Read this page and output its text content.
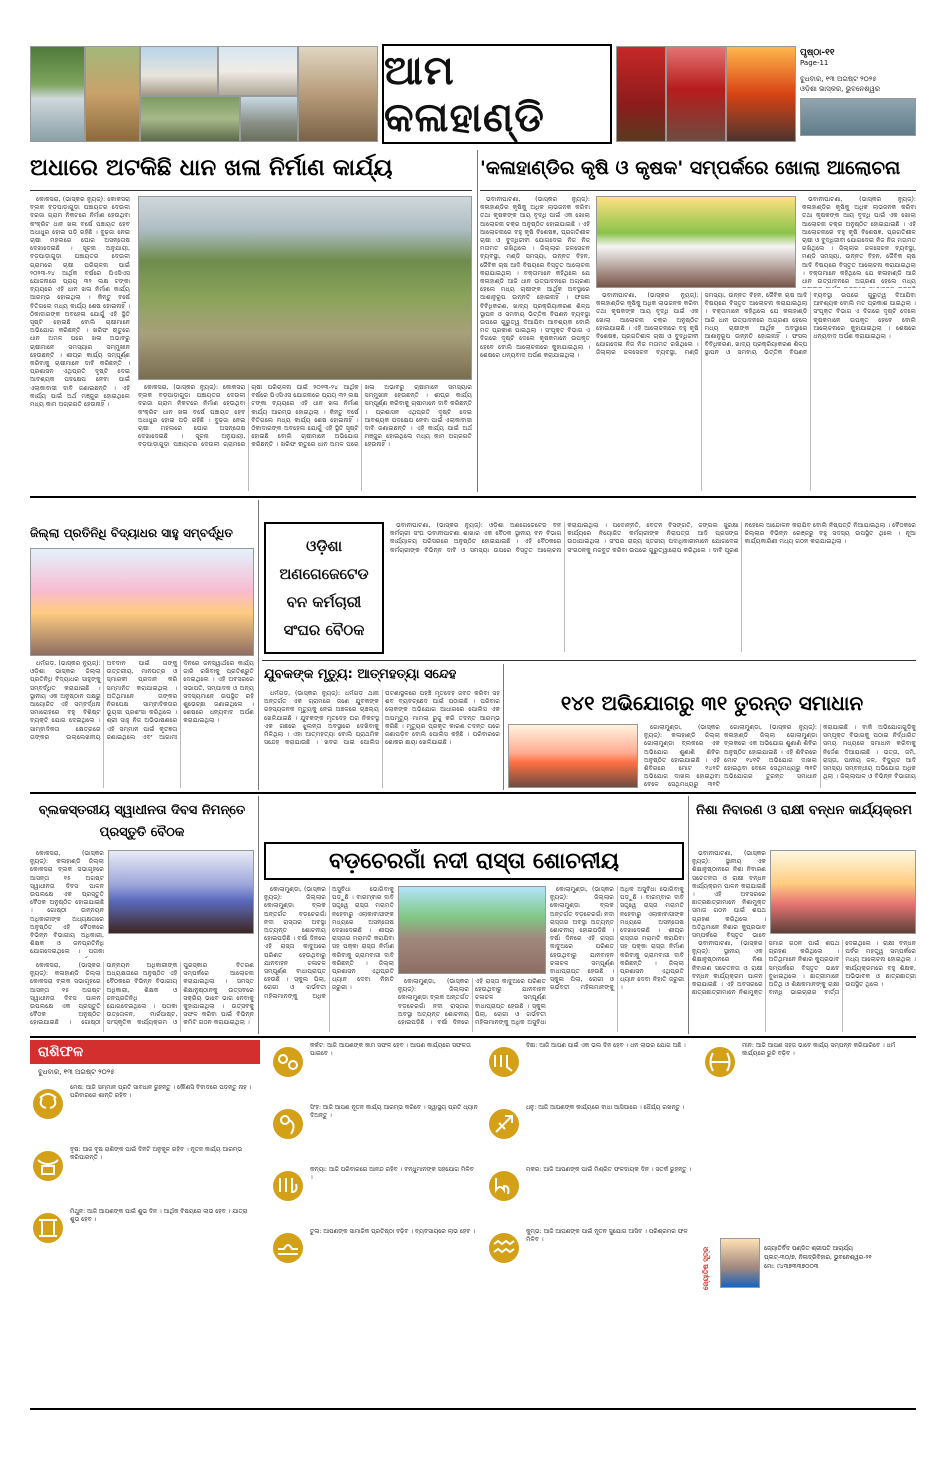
ଆମ କଳାହାଣ୍ଡି
ପୃଷ୍ଠା-୧୧
Page-11
ବୁଧବାର, ୧୩ ଅଗଷ୍ଟ ୨୦୨୫
ଓଡ଼ିଶା ଭାସ୍କର, ଭୁବନେଶ୍ୱର
ଅଧାରେ ଅଟକିଛି ଧାନ ଖଳା ନିର୍ମାଣ କାର୍ଯ୍ୟ

କୋକସରା, (ଭାସ୍କର ନ୍ୟୁଜ୍): କୋକସରା ବ୍ଲକ ବଡ଼ପାଡ଼ାଗୁଡ଼ା ପଞ୍ଚାୟତର ଦେଉଳୀ ଦରଜା ଗ୍ରାମ ନିକଟରେ ନିର୍ମାଣ ହେଉଥିବା କଂକ୍ରିଟ ଧାନ ଖଳା ବର୍ଷେ ପଞ୍ଚାୟତ ହେବ ଅଧାଧୁର ହୋଇ ପଡ଼ି ରହିଛି । ବୁଢ଼ଜା ନେଇ ଚାଷୀ ମହଲରେ ଘୋର ଅସନ୍ତୋଷ ଦେଖାଦେଇଛି । ସୂଚନା ଅନୁଯାୟୀ, ବଡ଼ପାଡ଼ାଗୁଡ଼ା ପଞ୍ଚାୟତର ଦେଉଳୀ ଗ୍ରାମରେ ଚାଷୀ ପରିଚାଳନା ପାଇଁ ୨୦୨୩-୨୪ ଆର୍ଥିକ ବର୍ଷରେ ପିଏସିଏସ ଯୋଜନାରେ ପ୍ରାୟ ୩୨ ଲକ୍ଷ ଟଙ୍କା ବ୍ୟୟରେ ଏହି ଧାନ ଖଳା ନିର୍ମାଣ କାର୍ଯ୍ୟ ଆରମ୍ଭ ହୋଇଥିଲା । କିନ୍ତୁ ବର୍ଷେ ବିତିଗଲେ ମଧ୍ୟ କାର୍ଯ୍ୟ ଶେଷ ହୋଇନାହିଁ । ଠିକାଦାରଙ୍କ ଅବହେଳା ଯୋଗୁଁ ଏହି ସ୍ଥିତି ସୃଷ୍ଟି ହୋଇଛି ବୋଲି ଚାଷୀମାନେ ଅଭିଯୋଗ କରିଛନ୍ତି । ଖରିଫ ଋତୁରେ ଧାନ ଅମଳ ପରେ ଖଳା ଅଭାବରୁ ଚାଷୀମାନେ ସମସ୍ୟାର ସମ୍ମୁଖୀନ ହେଉଛନ୍ତି । ଶୀଘ୍ର କାର୍ଯ୍ୟ ସମ୍ପୂର୍ଣ୍ଣ କରିବାକୁ ଚାଷୀମାନେ ଦାବି କରିଛନ୍ତି । ପ୍ରଶାସନ ଏଥିପ୍ରତି ଦୃଷ୍ଟି ଦେଇ ଆବଶ୍ୟକ ପଦକ୍ଷେପ ନେବା ପାଇଁ ଏଲାକାବାସୀ ଦାବି ଜଣାଇଛନ୍ତି । ଏହି କାର୍ଯ୍ୟ ପାଇଁ ଅର୍ଥ ମଞ୍ଜୁର ହୋଇଥିଲେ ମଧ୍ୟ କାମ ଅଗ୍ରଗତି ହେଉନାହିଁ ।

କୋକସରା, (ଭାସ୍କର ନ୍ୟୁଜ୍): କୋକସରା ବ୍ଲକ ବଡ଼ପାଡ଼ାଗୁଡ଼ା ପଞ୍ଚାୟତର ଦେଉଳୀ ଦରଜା ଗ୍ରାମ ନିକଟରେ ନିର୍ମାଣ ହେଉଥିବା କଂକ୍ରିଟ ଧାନ ଖଳା ବର୍ଷେ ପଞ୍ଚାୟତ ହେବ ଅଧାଧୁର ହୋଇ ପଡ଼ି ରହିଛି । ବୁଢ଼ଜା ନେଇ ଚାଷୀ ମହଲରେ ଘୋର ଅସନ୍ତୋଷ ଦେଖାଦେଇଛି । ସୂଚନା ଅନୁଯାୟୀ, ବଡ଼ପାଡ଼ାଗୁଡ଼ା ପଞ୍ଚାୟତର ଦେଉଳୀ ଗ୍ରାମରେ ଚାଷୀ ପରିଚାଳନା ପାଇଁ ୨୦୨୩-୨୪ ଆର୍ଥିକ ବର୍ଷରେ ପିଏସିଏସ ଯୋଜନାରେ ପ୍ରାୟ ୩୨ ଲକ୍ଷ ଟଙ୍କା ବ୍ୟୟରେ ଏହି ଧାନ ଖଳା ନିର୍ମାଣ କାର୍ଯ୍ୟ ଆରମ୍ଭ ହୋଇଥିଲା । କିନ୍ତୁ ବର୍ଷେ ବିତିଗଲେ ମଧ୍ୟ କାର୍ଯ୍ୟ ଶେଷ ହୋଇନାହିଁ । ଠିକାଦାରଙ୍କ ଅବହେଳା ଯୋଗୁଁ ଏହି ସ୍ଥିତି ସୃଷ୍ଟି ହୋଇଛି ବୋଲି ଚାଷୀମାନେ ଅଭିଯୋଗ କରିଛନ୍ତି । ଖରିଫ ଋତୁରେ ଧାନ ଅମଳ ପରେ ଖଳା ଅଭାବରୁ ଚାଷୀମାନେ ସମସ୍ୟାର ସମ୍ମୁଖୀନ ହେଉଛନ୍ତି । ଶୀଘ୍ର କାର୍ଯ୍ୟ ସମ୍ପୂର୍ଣ୍ଣ କରିବାକୁ ଚାଷୀମାନେ ଦାବି କରିଛନ୍ତି । ପ୍ରଶାସନ ଏଥିପ୍ରତି ଦୃଷ୍ଟି ଦେଇ ଆବଶ୍ୟକ ପଦକ୍ଷେପ ନେବା ପାଇଁ ଏଲାକାବାସୀ ଦାବି ଜଣାଇଛନ୍ତି । ଏହି କାର୍ଯ୍ୟ ପାଇଁ ଅର୍ଥ ମଞ୍ଜୁର ହୋଇଥିଲେ ମଧ୍ୟ କାମ ଅଗ୍ରଗତି ହେଉନାହିଁ ।

'କଳାହାଣ୍ଡିର କୃଷି ଓ କୃଷକ' ସମ୍ପର୍କରେ ଖୋଲା ଆଲୋଚନା

ଭବାନୀପାଟଣା, (ଭାସ୍କର ନ୍ୟୁଜ୍): କଳାହାଣ୍ଡିର କୃଷିକୁ ଅଧିକ ଲାଭଜନକ କରିବା ତଥା କୃଷକଙ୍କ ଆୟ ବୃଦ୍ଧି ପାଇଁ ଏକ ଖୋଲା ଆଲୋଚନା ଚକ୍ର ଅନୁଷ୍ଠିତ ହୋଇଯାଇଛି । ଏହି ଆଲୋଚନାରେ ବହୁ କୃଷି ବିଶେଷଜ୍ଞ, ପ୍ରଗତିଶୀଳ ଚାଷୀ ଓ ବୁଦ୍ଧିଜୀବୀ ଯୋଗଦେଇ ନିଜ ନିଜ ମତାମତ ରଖିଥିଲେ । ଜିଲ୍ଲାର ଜଳସେଚନ ବ୍ୟବସ୍ଥା, ମଣ୍ଡି ସମସ୍ୟା, ଉନ୍ନତ ବିହନ, ଜୈବିକ ଚାଷ ଆଦି ବିଷୟରେ ବିସ୍ତୃତ ଆଲୋଚନା କରାଯାଇଥିଲା । ବକ୍ତାମାନେ କହିଥିଲେ ଯେ କଳାହାଣ୍ଡି ଆଜି ଧାନ ଉତ୍ପାଦନରେ ଅଗ୍ରଣୀ ହେଲେ ମଧ୍ୟ ଚାଷୀଙ୍କ ଆର୍ଥିକ ଅବସ୍ଥାରେ ଆଶାନୁରୂପ ଉନ୍ନତି ହୋଇନାହିଁ । ଫସଲ ବିବିଧିକରଣ, ଖାଦ୍ୟ ପ୍ରକ୍ରିୟାକରଣ ଶିଳ୍ପ ସ୍ଥାପନ ଓ ସମବାୟ ଭିତ୍ତିକ ବିପଣନ ବ୍ୟବସ୍ଥା ଉପରେ ଗୁରୁତ୍ୱ ଦିଆଯିବା ଆବଶ୍ୟକ ବୋଲି ମତ ପ୍ରକାଶ ପାଇଥିଲା । ସଂପୃକ୍ତ ବିଭାଗ ଏ ଦିଗରେ ଦୃଷ୍ଟି ଦେଲେ କୃଷକମାନେ ଉପକୃତ ହେବେ ବୋଲି ଆଲୋଚନାରେ କୁହାଯାଇଥିଲା । ଶେଷରେ ଧନ୍ୟବାଦ ଅର୍ପଣ କରାଯାଇଥିଲା ।

ଭବାନୀପାଟଣା, (ଭାସ୍କର ନ୍ୟୁଜ୍): କଳାହାଣ୍ଡିର କୃଷିକୁ ଅଧିକ ଲାଭଜନକ କରିବା ତଥା କୃଷକଙ୍କ ଆୟ ବୃଦ୍ଧି ପାଇଁ ଏକ ଖୋଲା ଆଲୋଚନା ଚକ୍ର ଅନୁଷ୍ଠିତ ହୋଇଯାଇଛି । ଏହି ଆଲୋଚନାରେ ବହୁ କୃଷି ବିଶେଷଜ୍ଞ, ପ୍ରଗତିଶୀଳ ଚାଷୀ ଓ ବୁଦ୍ଧିଜୀବୀ ଯୋଗଦେଇ ନିଜ ନିଜ ମତାମତ ରଖିଥିଲେ । ଜିଲ୍ଲାର ଜଳସେଚନ ବ୍ୟବସ୍ଥା, ମଣ୍ଡି ସମସ୍ୟା, ଉନ୍ନତ ବିହନ, ଜୈବିକ ଚାଷ ଆଦି ବିଷୟରେ ବିସ୍ତୃତ ଆଲୋଚନା କରାଯାଇଥିଲା । ବକ୍ତାମାନେ କହିଥିଲେ ଯେ କଳାହାଣ୍ଡି ଆଜି ଧାନ ଉତ୍ପାଦନରେ ଅଗ୍ରଣୀ ହେଲେ ମଧ୍ୟ

ଭବାନୀପାଟଣା, (ଭାସ୍କର ନ୍ୟୁଜ୍): କଳାହାଣ୍ଡିର କୃଷିକୁ ଅଧିକ ଲାଭଜନକ କରିବା ତଥା କୃଷକଙ୍କ ଆୟ ବୃଦ୍ଧି ପାଇଁ ଏକ ଖୋଲା ଆଲୋଚନା ଚକ୍ର ଅନୁଷ୍ଠିତ ହୋଇଯାଇଛି । ଏହି ଆଲୋଚନାରେ ବହୁ କୃଷି ବିଶେଷଜ୍ଞ, ପ୍ରଗତିଶୀଳ ଚାଷୀ ଓ ବୁଦ୍ଧିଜୀବୀ ଯୋଗଦେଇ ନିଜ ନିଜ ମତାମତ ରଖିଥିଲେ । ଜିଲ୍ଲାର ଜଳସେଚନ ବ୍ୟବସ୍ଥା, ମଣ୍ଡି ସମସ୍ୟା, ଉନ୍ନତ ବିହନ, ଜୈବିକ ଚାଷ ଆଦି ବିଷୟରେ ବିସ୍ତୃତ ଆଲୋଚନା କରାଯାଇଥିଲା । ବକ୍ତାମାନେ କହିଥିଲେ ଯେ କଳାହାଣ୍ଡି ଆଜି ଧାନ ଉତ୍ପାଦନରେ ଅଗ୍ରଣୀ ହେଲେ ମଧ୍ୟ ଚାଷୀଙ୍କ ଆର୍ଥିକ ଅବସ୍ଥାରେ ଆଶାନୁରୂପ ଉନ୍ନତି ହୋଇନାହିଁ । ଫସଲ ବିବିଧିକରଣ, ଖାଦ୍ୟ ପ୍ରକ୍ରିୟାକରଣ ଶିଳ୍ପ ସ୍ଥାପନ ଓ ସମବାୟ ଭିତ୍ତିକ ବିପଣନ ବ୍ୟବସ୍ଥା ଉପରେ ଗୁରୁତ୍ୱ ଦିଆଯିବା ଆବଶ୍ୟକ ବୋଲି ମତ ପ୍ରକାଶ ପାଇଥିଲା । ସଂପୃକ୍ତ ବିଭାଗ ଏ ଦିଗରେ ଦୃଷ୍ଟି ଦେଲେ କୃଷକମାନେ ଉପକୃତ ହେବେ ବୋଲି ଆଲୋଚନାରେ କୁହାଯାଇଥିଲା । ଶେଷରେ ଧନ୍ୟବାଦ ଅର୍ପଣ କରାଯାଇଥିଲା ।

ଜିଲ୍ଲା ପ୍ରତିନିଧି ବିଦ୍ୟାଧର ସାହୁ ସମ୍ବର୍ଦ୍ଧିତ

ଧର୍ମଗଡ଼, (ଭାସ୍କର ନ୍ୟୁଜ୍): ଓଡ଼ିଶା ଭାସ୍କର ଜିଲ୍ଲା ପ୍ରତିନିଧି ବିଦ୍ୟାଧର ସାହୁଙ୍କୁ ସମ୍ବର୍ଦ୍ଧିତ କରାଯାଇଛି । ସ୍ଥାନୀୟ ଏକ ଅନୁଷ୍ଠାନ ପକ୍ଷରୁ ଆୟୋଜିତ ଏହି ସମ୍ବର୍ଦ୍ଧନା ସମାରୋହରେ ବହୁ ବିଶିଷ୍ଟ ବ୍ୟକ୍ତି ଯୋଗ ଦେଇଥିଲେ । ସାମ୍ବାଦିକତା କ୍ଷେତ୍ରରେ ତାଙ୍କର ଉଲ୍ଲେଖନୀୟ ଅବଦାନ ପାଇଁ ତାଙ୍କୁ ଉତ୍ତରୀୟ, ମାନପତ୍ର ଓ ସ୍ମାରକୀ ପ୍ରଦାନ କରି ସମ୍ମାନିତ କରାଯାଇଥିଲା । ଅତିଥିମାନେ ତାଙ୍କର ନିରପେକ୍ଷ ସାମ୍ବାଦିକତାର ଭୂୟସୀ ପ୍ରଶଂସା କରିଥିଲେ । ଶ୍ରୀ ସାହୁ ନିଜ ଅଭିଭାଷଣରେ ଏହି ସମ୍ମାନ ପାଇଁ କୃତଜ୍ଞତା ଜଣାଇଥିଲେ ଏବଂ ଆଗାମୀ ଦିନରେ ଜନସ୍ୱାର୍ଥରେ କାର୍ଯ୍ୟ ଜାରି ରଖିବାକୁ ପ୍ରତିଶ୍ରୁତି ଦେଇଥିଲେ । ଏହି ଅବସରରେ ସଭାପତି, ସମ୍ପାଦକ ଓ ଅନ୍ୟ ସଦସ୍ୟମାନେ ଉପସ୍ଥିତ ରହି ଶୁଭେଚ୍ଛା ଜଣାଇଥିଲେ । ଶେଷରେ ଧନ୍ୟବାଦ ଅର୍ପଣ କରାଯାଇଥିଲା ।

ଓଡ଼ିଶା ଅଣଗେଜେଟେଡ ବନ କର୍ମଚାରୀ ସଂଘର ବୈଠକ

ଭବାନୀପାଟଣା, (ଭାସ୍କର ନ୍ୟୁଜ୍): ଓଡ଼ିଶା ଅଣଗେଜେଟେଡ ବନ କର୍ମଚାରୀ ସଂଘ ଭବାନୀପାଟଣା ଶାଖାର ଏକ ବୈଠକ ସ୍ଥାନୀୟ ବନ ବିଭାଗ କାର୍ଯ୍ୟାଳୟ ପରିସରରେ ଅନୁଷ୍ଠିତ ହୋଇଯାଇଛି । ଏହି ବୈଠକରେ କର୍ମଚାରୀଙ୍କ ବିଭିନ୍ନ ଦାବି ଓ ସମସ୍ୟା ଉପରେ ବିସ୍ତୃତ ଆଲୋଚନା କରାଯାଇଥିଲା । ପଦୋନ୍ନତି, ବେତନ ବିସଙ୍ଗତି, ଜଙ୍ଗଲ ସୁରକ୍ଷା କାର୍ଯ୍ୟରେ ନିୟୋଜିତ କର୍ମଚାରୀଙ୍କ ନିରାପତ୍ତା ଆଦି ପ୍ରସଙ୍ଗ ଉଠାଯାଇଥିଲା । ସଂଘର ରାଜ୍ୟ ସ୍ତରୀୟ ପଦାଧିକାରୀମାନେ ଯୋଗଦେଇ ସଂଗଠନକୁ ମଜବୁତ କରିବା ଉପରେ ଗୁରୁତ୍ୱାରୋପ କରିଥିଲେ । ଦାବି ପୂରଣ ନହେଲେ ଆନ୍ଦୋଳନ କରାଯିବ ବୋଲି ନିଷ୍ପତ୍ତି ନିଆଯାଇଥିଲା । ବୈଠକରେ ଜିଲ୍ଲାର ବିଭିନ୍ନ ରେଞ୍ଜରୁ ବହୁ ସଦସ୍ୟ ଉପସ୍ଥିତ ଥିଲେ । ନୂଆ କାର୍ଯ୍ୟକାରିଣୀ ମଧ୍ୟ ଗଠନ କରାଯାଇଥିଲା ।

ଯୁବକଙ୍କ ମୃତ୍ୟୁ: ଆତ୍ମହତ୍ୟା ସନ୍ଦେହ

ଧର୍ମଗଡ଼, (ଭାସ୍କର ନ୍ୟୁଜ୍): ଧର୍ମଗଡ଼ ଥାନା ଅନ୍ତର୍ଗତ ଏକ ଗ୍ରାମରେ ଜଣେ ଯୁବକଙ୍କ ରହସ୍ୟଜନକ ମୃତ୍ୟୁକୁ ନେଇ ଅଞ୍ଚଳରେ ଚାଞ୍ଚଲ୍ୟ ଖେଳିଯାଇଛି । ଯୁବକଙ୍କ ମୃତଦେହ ଘର ନିକଟସ୍ଥ ଏକ ଗଛରେ ଝୁଲନ୍ତା ଅବସ୍ଥାରେ ଦେଖିବାକୁ ମିଳିଥିଲା । ଏହା ଆତ୍ମହତ୍ୟା ବୋଲି ପ୍ରାଥମିକ ସନ୍ଦେହ କରାଯାଉଛି । ଖବର ପାଇ ପୋଲିସ ଘଟଣାସ୍ଥଳରେ ପହଞ୍ଚି ମୃତଦେହ ଜବତ କରିବା ସହ ଶବ ବ୍ୟବଚ୍ଛେଦ ପାଇଁ ପଠାଇଛି । ପରିବାର ଲୋକଙ୍କ ଅଭିଯୋଗ ଆଧାରରେ ପୋଲିସ ଏକ ଅପମୃତ୍ୟୁ ମାମଲା ରୁଜୁ କରି ତଦନ୍ତ ଆରମ୍ଭ କରିଛି । ମୃତ୍ୟୁର ପ୍ରକୃତ କାରଣ ତଦନ୍ତ ପରେ ଜଣାପଡ଼ିବ ବୋଲି ପୋଲିସ କହିଛି । ପରିବାରରେ ଶୋକର ଛାୟା ଖେଳିଯାଇଛି ।

୧୪୧ ଅଭିଯୋଗରୁ ୩୧ ତୁରନ୍ତ ସମାଧାନ

ଗୋଲାମୁଣ୍ଡା, (ଭାସ୍କର ନ୍ୟୁଜ୍): କଳାହାଣ୍ଡି ଜିଲ୍ଲା ଗୋଲାମୁଣ୍ଡା ବ୍ଲକରେ ଏକ ଅଭିଯୋଗ ଶୁଣାଣି ଶିବିର ଅନୁଷ୍ଠିତ ହୋଇଯାଇଛି । ଏହି ଶିବିରରେ ମୋଟ ୧୪୧ଟି ଅଭିଯୋଗ ଦାଖଲ ହୋଇଥିବା ବେଳେ ସେଥିମଧ୍ୟରୁ ୩୧ଟି

ଗୋଲାମୁଣ୍ଡା, (ଭାସ୍କର ନ୍ୟୁଜ୍): କଳାହାଣ୍ଡି ଜିଲ୍ଲା ଗୋଲାମୁଣ୍ଡା ବ୍ଲକରେ ଏକ ଅଭିଯୋଗ ଶୁଣାଣି ଶିବିର ଅନୁଷ୍ଠିତ ହୋଇଯାଇଛି । ଏହି ଶିବିରରେ ମୋଟ ୧୪୧ଟି ଅଭିଯୋଗ ଦାଖଲ ହୋଇଥିବା ବେଳେ ସେଥିମଧ୍ୟରୁ ୩୧ଟି ଅଭିଯୋଗର ତୁରନ୍ତ ସମାଧାନ କରାଯାଇଛି । ବାକି ଅଭିଯୋଗଗୁଡ଼ିକୁ ସମ୍ପୃକ୍ତ ବିଭାଗକୁ ପଠାଇ ନିର୍ଦ୍ଧାରିତ ସମୟ ମଧ୍ୟରେ ସମାଧାନ କରିବାକୁ ନିର୍ଦ୍ଦେଶ ଦିଆଯାଇଛି । ଭତ୍ତା, ଜମି, ରାସ୍ତା, ପାନୀୟ ଜଳ, ବିଦ୍ୟୁତ ଆଦି ସମସ୍ୟା ସମ୍ବନ୍ଧୀୟ ଅଭିଯୋଗ ଅଧିକ ଥିଲା । ଜିଲ୍ଲାପାଳ ଓ ବିଭିନ୍ନ ବିଭାଗୀୟ

ବ୍ଲକସ୍ତରୀୟ ସ୍ୱାଧୀନତା ଦିବସ ନିମନ୍ତେ ପ୍ରସ୍ତୁତି ବୈଠକ

କୋକସରା, (ଭାସ୍କର ନ୍ୟୁଜ୍): କଳାହାଣ୍ଡି ଜିଲ୍ଲା କୋକସରା ବ୍ଲକ ସଭାଗୃହରେ ଆସନ୍ତା ୧୫ ଅଗଷ୍ଟ ସ୍ୱାଧୀନତା ଦିବସ ପାଳନ ଉପଲକ୍ଷେ ଏକ ପ୍ରସ୍ତୁତି ବୈଠକ ଅନୁଷ୍ଠିତ ହୋଇଯାଇଛି । ଗୋଷ୍ଠୀ ଉନ୍ନୟନ ଅଧିକାରୀଙ୍କ ଅଧ୍ୟକ୍ଷତାରେ ଅନୁଷ୍ଠିତ ଏହି ବୈଠକରେ ବିଭିନ୍ନ ବିଭାଗୀୟ ଅଧିକାରୀ, ଶିକ୍ଷକ ଓ ଜନପ୍ରତିନିଧି ଯୋଗଦେଇଥିଲେ । ପତାକା

କୋକସରା, (ଭାସ୍କର ନ୍ୟୁଜ୍): କଳାହାଣ୍ଡି ଜିଲ୍ଲା କୋକସରା ବ୍ଲକ ସଭାଗୃହରେ ଆସନ୍ତା ୧୫ ଅଗଷ୍ଟ ସ୍ୱାଧୀନତା ଦିବସ ପାଳନ ଉପଲକ୍ଷେ ଏକ ପ୍ରସ୍ତୁତି ବୈଠକ ଅନୁଷ୍ଠିତ ହୋଇଯାଇଛି । ଗୋଷ୍ଠୀ ଉନ୍ନୟନ ଅଧିକାରୀଙ୍କ ଅଧ୍ୟକ୍ଷତାରେ ଅନୁଷ୍ଠିତ ଏହି ବୈଠକରେ ବିଭିନ୍ନ ବିଭାଗୀୟ ଅଧିକାରୀ, ଶିକ୍ଷକ ଓ ଜନପ୍ରତିନିଧି ଯୋଗଦେଇଥିଲେ । ପତାକା ଉତ୍ତୋଳନ, ମାର୍ଚ୍ଚପାଷ୍ଟ, ସାଂସ୍କୃତିକ କାର୍ଯ୍ୟକ୍ରମ ଓ ପୁରସ୍କାର ବିତରଣ ସମ୍ପର୍କରେ ଆଲୋଚନା କରାଯାଇଥିଲା । ସମସ୍ତ ଶିକ୍ଷାନୁଷ୍ଠାନକୁ ଉତ୍ସବରେ ସକ୍ରିୟ ଭାବେ ଭାଗ ନେବାକୁ କୁହାଯାଇଥିଲା । ଉତ୍ସବକୁ ସଫଳ କରିବା ପାଇଁ ବିଭିନ୍ନ କମିଟି ଗଠନ କରାଯାଇଥିଲା ।

ବଡ଼ଚେରଗାଁ ନଦୀ ରାସ୍ତା ଶୋଚନୀୟ

କୋଲାମୁଣ୍ଡା, (ଭାସ୍କର ନ୍ୟୁଜ୍): ଜିଲ୍ଲାର କୋଲାମୁଣ୍ଡା ବ୍ଲକ ଅନ୍ତର୍ଗତ ବଡ଼ଚେରଗାଁ ନଦୀ ରାସ୍ତାର ଅବସ୍ଥା ଅତ୍ୟନ୍ତ ଶୋଚନୀୟ ହୋଇପଡ଼ିଛି । ବର୍ଷା ଦିନରେ ଏହି ରାସ୍ତା କାଦୁଅରେ ପରିଣତ ହେଉଥିବାରୁ ଯାନବାହନ ଚଳାଚଳ ସମ୍ପୂର୍ଣ୍ଣ ବାଧାପ୍ରାପ୍ତ ହେଉଛି । ସ୍କୁଲ ପିଲା, ରୋଗୀ ଓ ଗର୍ଭବତୀ ମହିଳାମାନଙ୍କୁ ଅଧିକ ଅସୁବିଧା ଭୋଗିବାକୁ ପଡ଼ୁଛି । ବାରମ୍ବାର ଦାବି ସତ୍ତ୍ୱେ ରାସ୍ତା ମରାମତି ନହେବାରୁ ଏଲାକାବାସୀଙ୍କ ମଧ୍ୟରେ ଅସନ୍ତୋଷ ଦେଖାଦେଇଛି । ଶୀଘ୍ର ରାସ୍ତାର ମରାମତି କରାଯିବା ସହ ପକ୍କା ରାସ୍ତା ନିର୍ମାଣ କରିବାକୁ ଗ୍ରାମବାସୀ ଦାବି କରିଛନ୍ତି । ଜିଲ୍ଲା ପ୍ରଶାସନ ଏଥିପ୍ରତି ଧ୍ୟାନ ଦେବା ନିହାତି ଜରୁରୀ ।

କୋଲାମୁଣ୍ଡା, (ଭାସ୍କର ନ୍ୟୁଜ୍): ଜିଲ୍ଲାର କୋଲାମୁଣ୍ଡା ବ୍ଲକ ଅନ୍ତର୍ଗତ ବଡ଼ଚେରଗାଁ ନଦୀ ରାସ୍ତାର ଅବସ୍ଥା ଅତ୍ୟନ୍ତ ଶୋଚନୀୟ ହୋଇପଡ଼ିଛି । ବର୍ଷା ଦିନରେ ଏହି ରାସ୍ତା କାଦୁଅରେ ପରିଣତ ହେଉଥିବାରୁ ଯାନବାହନ ଚଳାଚଳ ସମ୍ପୂର୍ଣ୍ଣ ବାଧାପ୍ରାପ୍ତ ହେଉଛି । ସ୍କୁଲ ପିଲା, ରୋଗୀ ଓ ଗର୍ଭବତୀ ମହିଳାମାନଙ୍କୁ ଅଧିକ ଅସୁବିଧା ଭୋଗିବାକୁ ପଡ଼ୁଛି । ବାରମ୍ବାର ଦାବି ସତ୍ତ୍ୱେ ରାସ୍ତା ମରାମତି ନହେବାରୁ ଏଲାକାବାସୀଙ୍କ ମଧ୍ୟରେ ଅସନ୍ତୋଷ ଦେଖାଦେଇଛି । ଶୀଘ୍ର ରାସ୍ତାର ମରାମତି କରାଯିବା ସହ ପକ୍କା ରାସ୍ତା ନିର୍ମାଣ କରିବାକୁ ଗ୍ରାମବାସୀ ଦାବି କରିଛନ୍ତି । ଜିଲ୍ଲା ପ୍ରଶାସନ ଏଥିପ୍ରତି ଧ୍ୟାନ ଦେବା ନିହାତି ଜରୁରୀ ।

କୋଲାମୁଣ୍ଡା, (ଭାସ୍କର ନ୍ୟୁଜ୍): ଜିଲ୍ଲାର କୋଲାମୁଣ୍ଡା ବ୍ଲକ ଅନ୍ତର୍ଗତ ବଡ଼ଚେରଗାଁ ନଦୀ ରାସ୍ତାର ଅବସ୍ଥା ଅତ୍ୟନ୍ତ ଶୋଚନୀୟ ହୋଇପଡ଼ିଛି । ବର୍ଷା ଦିନରେ ଏହି ରାସ୍ତା କାଦୁଅରେ ପରିଣତ ହେଉଥିବାରୁ ଯାନବାହନ ଚଳାଚଳ ସମ୍ପୂର୍ଣ୍ଣ ବାଧାପ୍ରାପ୍ତ ହେଉଛି । ସ୍କୁଲ ପିଲା, ରୋଗୀ ଓ ଗର୍ଭବତୀ ମହିଳାମାନଙ୍କୁ ଅଧିକ ଅସୁବିଧା

ନିଶା ନିବାରଣ ଓ ରାକ୍ଷୀ ବନ୍ଧନ କାର୍ଯ୍ୟକ୍ରମ

ଭବାନୀପାଟଣା, (ଭାସ୍କର ନ୍ୟୁଜ୍): ସ୍ଥାନୀୟ ଏକ ଶିକ୍ଷାନୁଷ୍ଠାନରେ ନିଶା ନିବାରଣ ସଚେତନତା ଓ ରାକ୍ଷୀ ବନ୍ଧନ କାର୍ଯ୍ୟକ୍ରମ ପାଳନ କରାଯାଇଛି । ଏହି ଅବସରରେ ଛାତ୍ରଛାତ୍ରୀମାନେ ନିଶାମୁକ୍ତ ସମାଜ ଗଠନ ପାଇଁ ଶପଥ ଗ୍ରହଣ କରିଥିଲେ । ଅତିଥିମାନେ ନିଶାର କୁପ୍ରଭାବ ସମ୍ପର୍କରେ ବିସ୍ତୃତ ଭାବେ

ଭବାନୀପାଟଣା, (ଭାସ୍କର ନ୍ୟୁଜ୍): ସ୍ଥାନୀୟ ଏକ ଶିକ୍ଷାନୁଷ୍ଠାନରେ ନିଶା ନିବାରଣ ସଚେତନତା ଓ ରାକ୍ଷୀ ବନ୍ଧନ କାର୍ଯ୍ୟକ୍ରମ ପାଳନ କରାଯାଇଛି । ଏହି ଅବସରରେ ଛାତ୍ରଛାତ୍ରୀମାନେ ନିଶାମୁକ୍ତ ସମାଜ ଗଠନ ପାଇଁ ଶପଥ ଗ୍ରହଣ କରିଥିଲେ । ଅତିଥିମାନେ ନିଶାର କୁପ୍ରଭାବ ସମ୍ପର୍କରେ ବିସ୍ତୃତ ଭାବେ ବୁଝାଇଥିଲେ । ଛାତ୍ରୀମାନେ ଅତିଥି ଓ ଶିକ୍ଷକମାନଙ୍କୁ ରାକ୍ଷୀ ବାନ୍ଧି ଭାଇଚାରାର ବାର୍ତ୍ତା ଦେଇଥିଲେ । ରାକ୍ଷୀ ବନ୍ଧନ ପର୍ବର ମହତ୍ତ୍ୱ ସମ୍ପର୍କରେ ମଧ୍ୟ ଆଲୋଚନା ହୋଇଥିଲା । କାର୍ଯ୍ୟକ୍ରମରେ ବହୁ ଶିକ୍ଷକ, ଅଭିଭାବକ ଓ ଛାତ୍ରଛାତ୍ରୀ ଉପସ୍ଥିତ ଥିଲେ ।

ରାଶିଫଳ
ବୁଧବାର, ୧୩ ଅଗଷ୍ଟ ୨୦୨୫
ମେଷ: ଆଜି ସମ୍ମାନ ପ୍ରତି ସାବଧାନ ରୁହନ୍ତୁ । କୌଣସି ବିବାଦରେ ପଡ଼ନ୍ତୁ ନାହିଁ । ପରିବାରରେ ଶାନ୍ତି ରହିବ ।
ବୃଷ: ଆଜ ବୃଷ ରାଶିଙ୍କ ପାଇଁ ଦିନଟି ଅନୁକୂଳ ରହିବ । ନୂତନ କାର୍ଯ୍ୟ ଆରମ୍ଭ କରିପାରନ୍ତି ।
ମିଥୁନ: ଆଜି ଆପଣଙ୍କ ପାଇଁ ଶୁଭ ଦିନ । ଆର୍ଥିକ ବିଷୟରେ ଲାଭ ହେବ । ଯାତ୍ରା ଶୁଭ ହେବ ।
କର୍କଟ: ଆଜି ଆପଣଙ୍କ କାମ ସଫଳ ହେବ । ଆପଣ କାର୍ଯ୍ୟରେ ସଫଳତା ପାଇବେ ।
ସିଂହ: ଆଜି ଆପଣ ନୂତନ କାର୍ଯ୍ୟ ଆରମ୍ଭ କରିବେ । ସ୍ୱାସ୍ଥ୍ୟ ପ୍ରତି ଧ୍ୟାନ ଦିଅନ୍ତୁ ।
କନ୍ୟା: ଆଜି ପରିବାରରେ ଆନନ୍ଦ ରହିବ । ବନ୍ଧୁମାନଙ୍କ ସହଯୋଗ ମିଳିବ ।
ତୁଳା: ଆପଣଙ୍କ ସାମାଜିକ ପ୍ରତିଷ୍ଠା ବଢ଼ିବ । ବ୍ୟବସାୟରେ ଲାଭ ହେବ ।
ବିଛା: ଆଜି ଆପଣ ପାଇଁ ଏକ ଭଲ ଦିନ ହେବ । ଧନ ଲାଭର ଯୋଗ ଅଛି ।
ଧନୁ: ଆଜି ଆପଣଙ୍କ କାର୍ଯ୍ୟରେ ବାଧା ଆସିପାରେ । ଧୈର୍ଯ୍ୟ ରଖନ୍ତୁ ।
ମକର: ଆଜି ଆପଣଙ୍କ ପାଇଁ ମିଶ୍ରିତ ଫଳଦାୟକ ଦିନ । ସତର୍କ ରୁହନ୍ତୁ ।
କୁମ୍ଭ: ଆଜି ଆପଣଙ୍କ ପାଇଁ ନୂତନ ସୁଯୋଗ ଆସିବ । ପରିଶ୍ରମର ଫଳ ମିଳିବ ।
ମୀନ: ଆଜି ଆପଣ ସହଜ ଭାବେ କାର୍ଯ୍ୟ ସମ୍ପନ୍ନ କରିପାରିବେ । ଧର୍ମ କାର୍ଯ୍ୟରେ ରୁଚି ବଢ଼ିବ ।
ଜ୍ୟୋତିଷ ସୂତ୍ର	ଜ୍ୟୋତିର୍ବିଦ ପଣ୍ଡିତ ଶ୍ରୀପତି ଆଚାର୍ଯ୍ୟ
ପ୍ଲଟ୍-୩୦/୭, ନିଳାଦ୍ରିବିହାର, ଭୁବନେଶ୍ୱର-୨୧
ମୋ: ୯୪୩୭୩୩୭୦୦୩
